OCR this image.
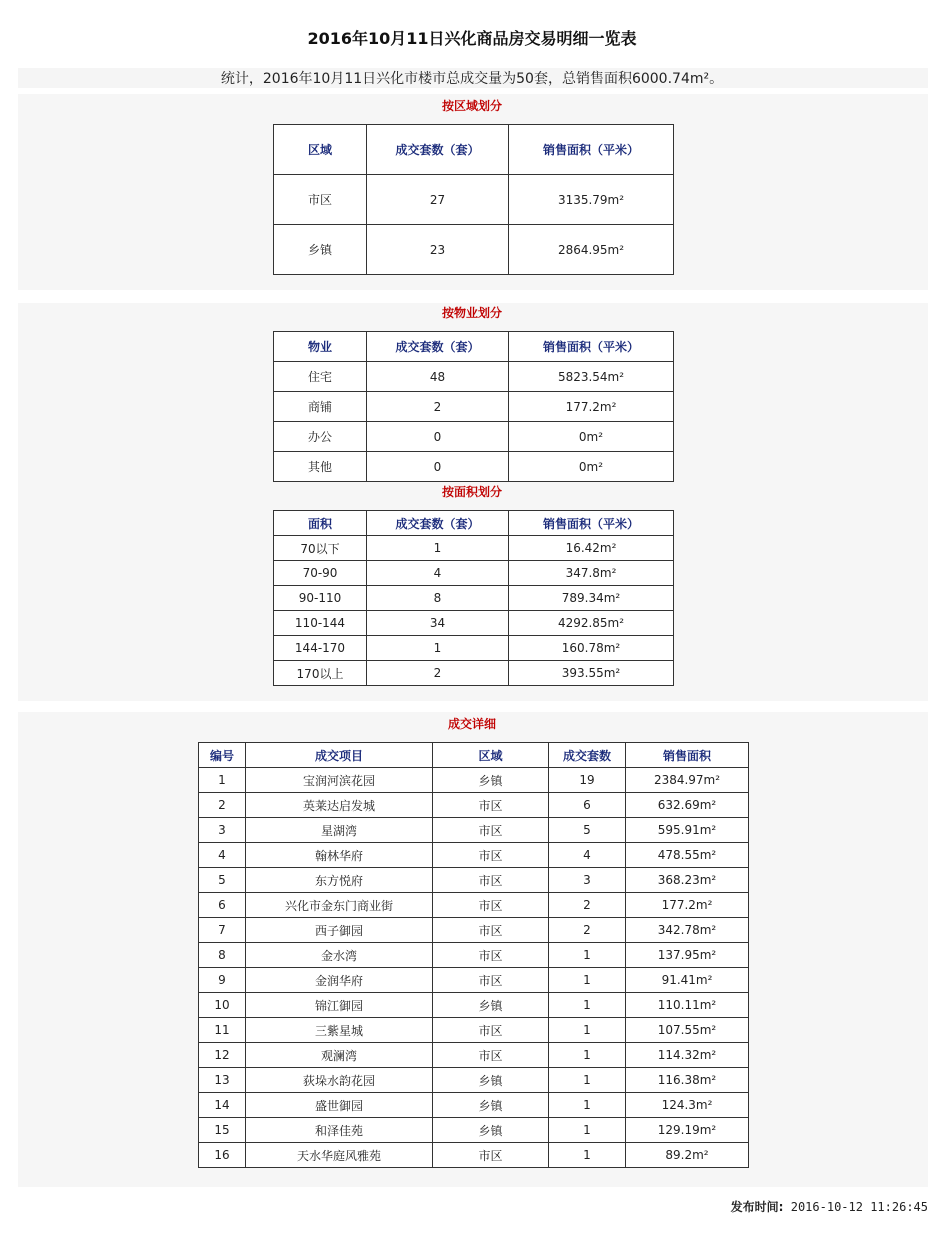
2016年10月11日兴化商品房交易明细一览表
统计，2016年10月11日兴化市楼市总成交量为50套，总销售面积6000.74m²。
按区域划分
区域	成交套数（套）	销售面积（平米）
市区	27	3135.79m²
乡镇	23	2864.95m²
按物业划分
物业	成交套数（套）	销售面积（平米）
住宅	48	5823.54m²
商铺	2	177.2m²
办公	0	0m²
其他	0	0m²
按面积划分
面积	成交套数（套）	销售面积（平米）
70以下	1	16.42m²
70-90	4	347.8m²
90-110	8	789.34m²
110-144	34	4292.85m²
144-170	1	160.78m²
170以上	2	393.55m²
成交详细
编号	成交项目	区域	成交套数	销售面积
1	宝润河滨花园	乡镇	19	2384.97m²
2	英莱达启发城	市区	6	632.69m²
3	星湖湾	市区	5	595.91m²
4	翰林华府	市区	4	478.55m²
5	东方悦府	市区	3	368.23m²
6	兴化市金东门商业街	市区	2	177.2m²
7	西子御园	市区	2	342.78m²
8	金水湾	市区	1	137.95m²
9	金润华府	市区	1	91.41m²
10	锦江御园	乡镇	1	110.11m²
11	三紫星城	市区	1	107.55m²
12	观澜湾	市区	1	114.32m²
13	荻垛水韵花园	乡镇	1	116.38m²
14	盛世御园	乡镇	1	124.3m²
15	和泽佳苑	乡镇	1	129.19m²
16	天水华庭风雅苑	市区	1	89.2m²
发布时间: 2016-10-12 11:26:45
